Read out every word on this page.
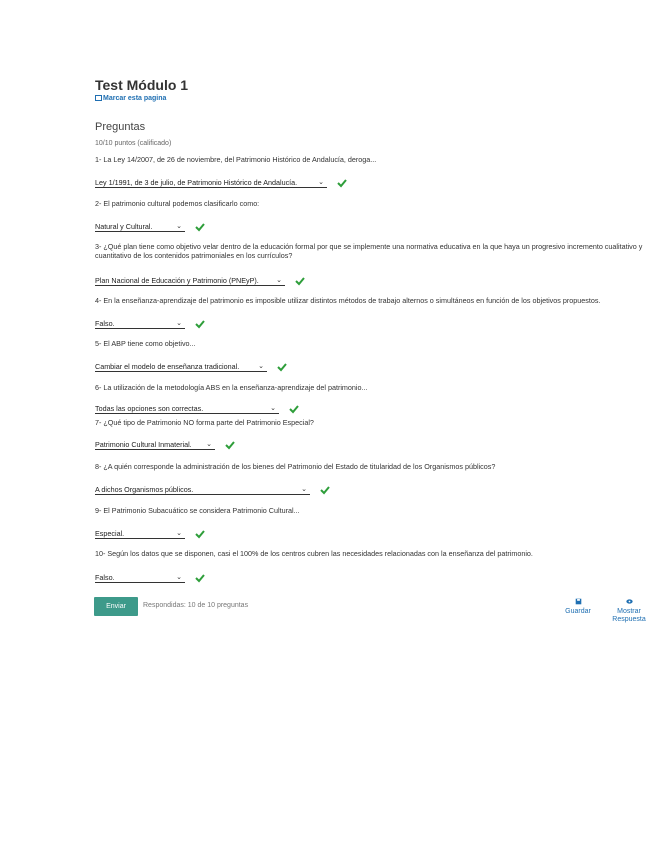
Test Módulo 1
Marcar esta pagina
Preguntas
10/10 puntos (calificado)
1- La Ley 14/2007, de 26 de noviembre, del Patrimonio Histórico de Andalucía, deroga...
Ley 1/1991, de 3 de julio, de Patrimonio Histórico de Andalucía.	⌄
2- El patrimonio cultural podemos clasificarlo como:
Natural y Cultural.	⌄
3- ¿Qué plan tiene como objetivo velar dentro de la educación formal por que se implemente una normativa educativa en la que haya un progresivo incremento cualitativo y cuantitativo de los contenidos patrimoniales en los currículos?
Plan Nacional de Educación y Patrimonio (PNEyP). ⌄
4- En la enseñanza-aprendizaje del patrimonio es imposible utilizar distintos métodos de trabajo alternos o simultáneos en función de los objetivos propuestos.
Falso.	⌄
5- El ABP tiene como objetivo...
Cambiar el modelo de enseñanza tradicional.	⌄
6- La utilización de la metodología ABS en la enseñanza-aprendizaje del patrimonio...
Todas las opciones son correctas.	⌄
7- ¿Qué tipo de Patrimonio NO forma parte del Patrimonio Especial?
Patrimonio Cultural Inmaterial. ⌄
8- ¿A quién corresponde la administración de los bienes del Patrimonio del Estado de titularidad de los Organismos públicos?
A dichos Organismos públicos.	⌄
9- El Patrimonio Subacuático se considera Patrimonio Cultural...
Especial.	⌄
10- Según los datos que se disponen, casi el 100% de los centros cubren las necesidades relacionadas con la enseñanza del patrimonio.
Falso.	⌄
Enviar	Respondidas: 10 de 10 preguntas

Guardar	Mostrar
Respuesta
